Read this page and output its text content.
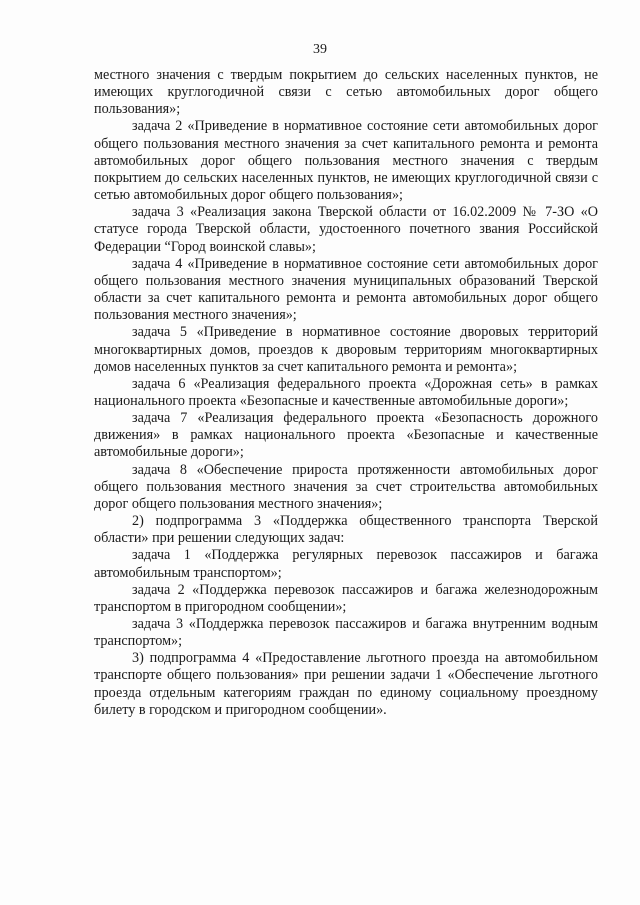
39

местного значения с твердым покрытием до сельских населенных пунктов, не имеющих круглогодичной связи с сетью автомобильных дорог общего пользования»;

задача 2 «Приведение в нормативное состояние сети автомобильных дорог общего пользования местного значения за счет капитального ремонта и ремонта автомобильных дорог общего пользования местного значения с твердым покрытием до сельских населенных пунктов, не имеющих круглогодичной связи с сетью автомобильных дорог общего пользования»;

задача 3 «Реализация закона Тверской области от 16.02.2009 № 7-ЗО «О статусе города Тверской области, удостоенного почетного звания Российской Федерации “Город воинской славы»;

задача 4 «Приведение в нормативное состояние сети автомобильных дорог общего пользования местного значения муниципальных образований Тверской области за счет капитального ремонта и ремонта автомобильных дорог общего пользования местного значения»;

задача 5 «Приведение в нормативное состояние дворовых территорий многоквартирных домов, проездов к дворовым территориям многоквартирных домов населенных пунктов за счет капитального ремонта и ремонта»;

задача 6 «Реализация федерального проекта «Дорожная сеть» в рамках национального проекта «Безопасные и качественные автомобильные дороги»;

задача 7 «Реализация федерального проекта «Безопасность дорожного движения» в рамках национального проекта «Безопасные и качественные автомобильные дороги»;

задача 8 «Обеспечение прироста протяженности автомобильных дорог общего пользования местного значения за счет строительства автомобильных дорог общего пользования местного значения»;

2) подпрограмма 3 «Поддержка общественного транспорта Тверской области» при решении следующих задач:

задача 1 «Поддержка регулярных перевозок пассажиров и багажа автомобильным транспортом»;

задача 2 «Поддержка перевозок пассажиров и багажа железнодорожным транспортом в пригородном сообщении»;

задача 3 «Поддержка перевозок пассажиров и багажа внутренним водным транспортом»;

3) подпрограмма 4 «Предоставление льготного проезда на автомобильном транспорте общего пользования» при решении задачи 1 «Обеспечение льготного проезда отдельным категориям граждан по единому социальному проездному билету в городском и пригородном сообщении».
